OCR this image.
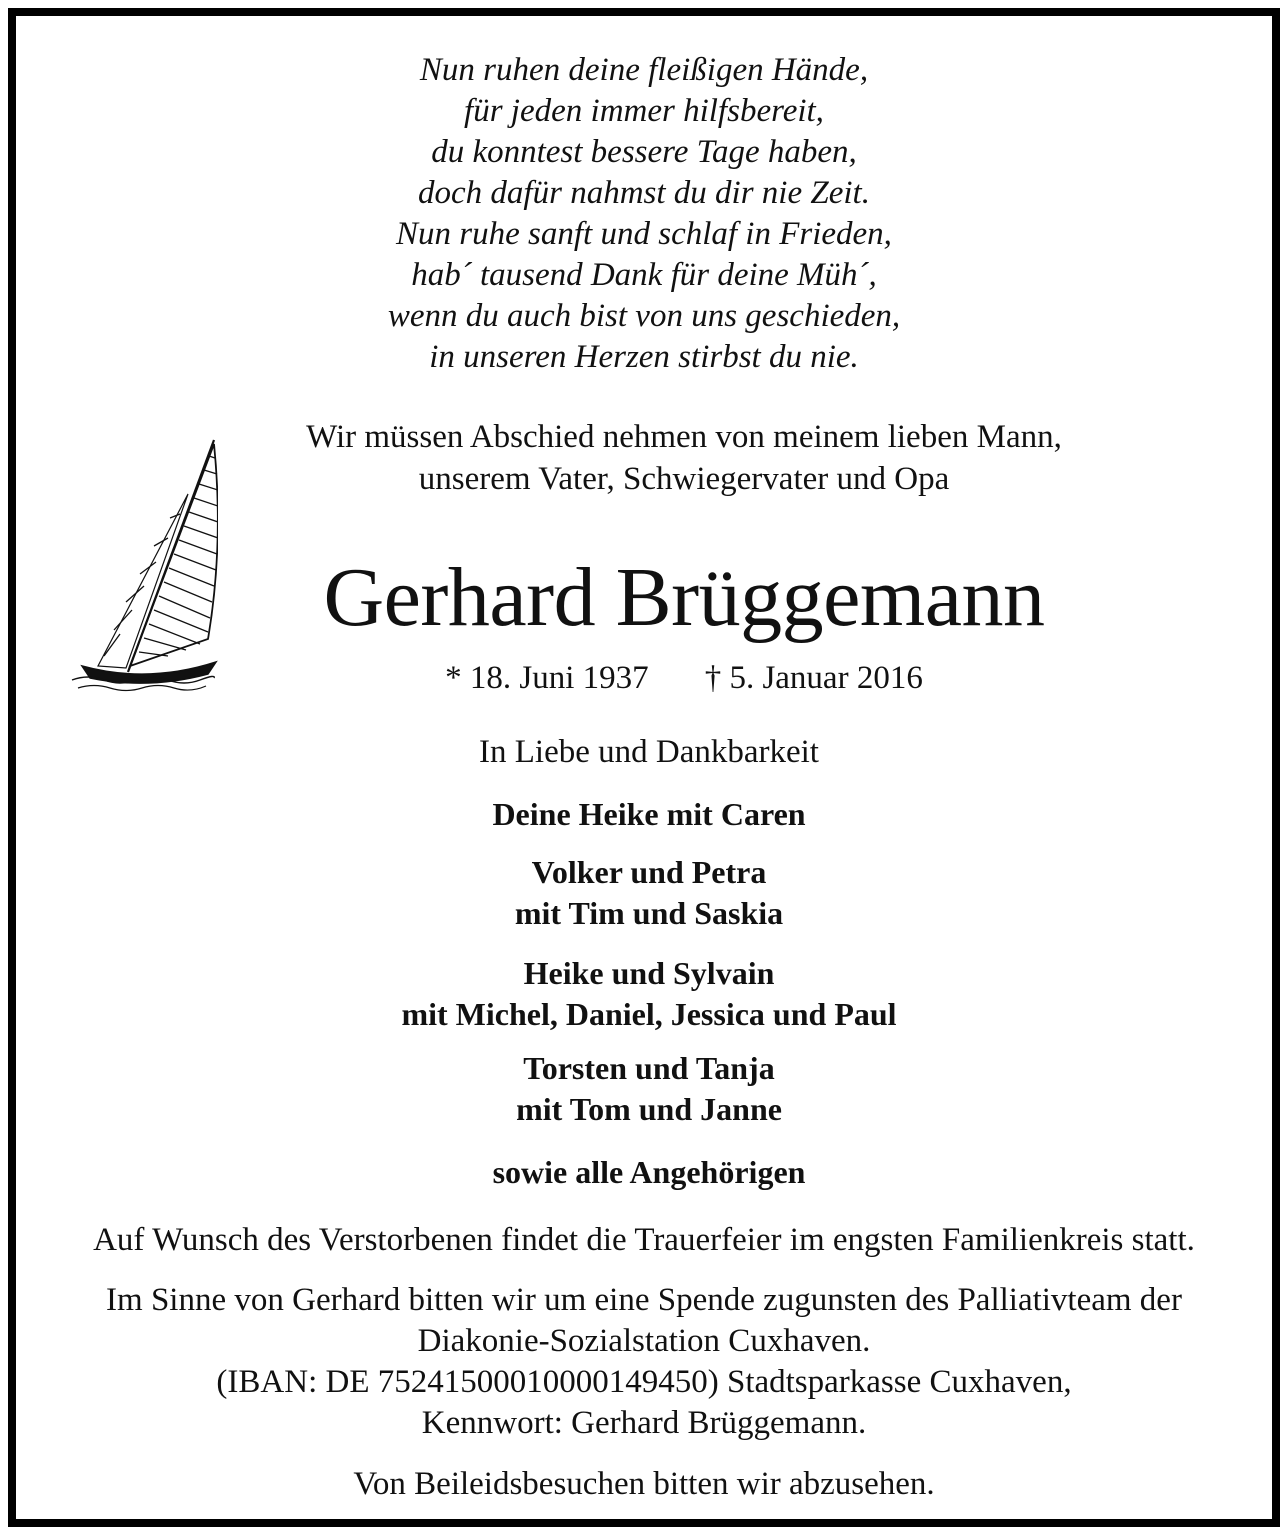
Nun ruhen deine fleißigen Hände,
für jeden immer hilfsbereit,
du konntest bessere Tage haben,
doch dafür nahmst du dir nie Zeit.
Nun ruhe sanft und schlaf in Frieden,
hab´ tausend Dank für deine Müh´,
wenn du auch bist von uns geschieden,
in unseren Herzen stirbst du nie.
Wir müssen Abschied nehmen von meinem lieben Mann,
unserem Vater, Schwiegervater und Opa
Gerhard Brüggemann
* 18. Juni 1937 † 5. Januar 2016
In Liebe und Dankbarkeit
Deine Heike mit Caren
Volker und Petra
mit Tim und Saskia
Heike und Sylvain
mit Michel, Daniel, Jessica und Paul
Torsten und Tanja
mit Tom und Janne
sowie alle Angehörigen
Auf Wunsch des Verstorbenen findet die Trauerfeier im engsten Familienkreis statt.
Im Sinne von Gerhard bitten wir um eine Spende zugunsten des Palliativteam der
Diakonie-Sozialstation Cuxhaven.
(IBAN: DE 75241500010000149450) Stadtsparkasse Cuxhaven,
Kennwort: Gerhard Brüggemann.
Von Beileidsbesuchen bitten wir abzusehen.
